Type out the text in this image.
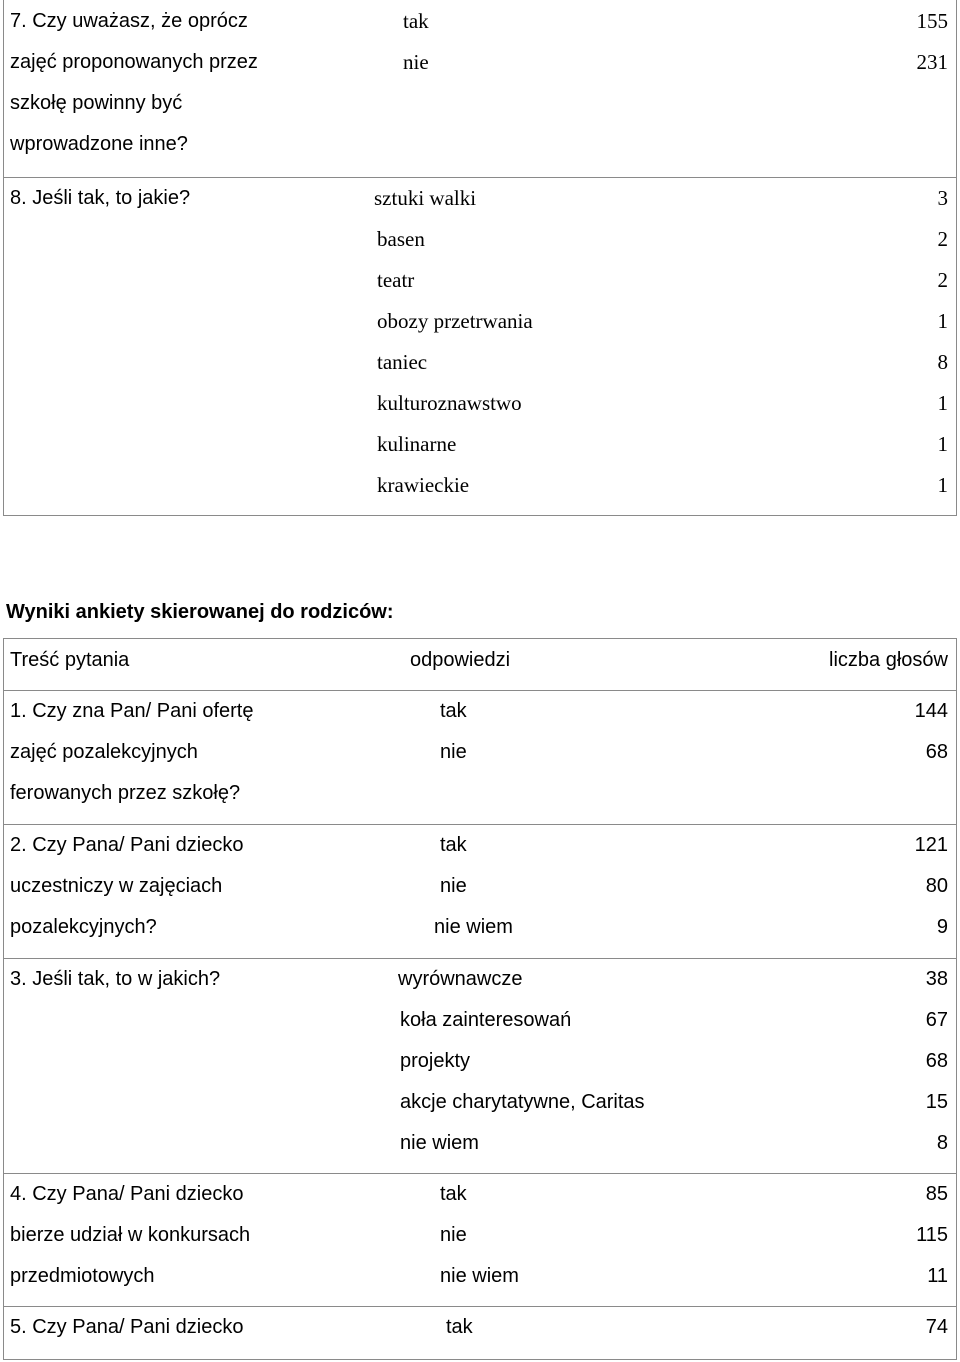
7. Czy uważasz, że oprócz
zajęć proponowanych przez
szkołę powinny być
wprowadzone inne?
tak	155
nie	231
8. Jeśli tak, to jakie?	sztuki walki	3
basen	2
teatr	2
obozy przetrwania	1
taniec	8
kulturoznawstwo	1
kulinarne	1
krawieckie	1
Wyniki ankiety skierowanej do rodziców:
Treść pytania	odpowiedzi	liczba głosów
1. Czy zna Pan/ Pani ofertę
zajęć pozalekcyjnych
ferowanych przez szkołę?
tak	144
nie	68
2. Czy Pana/ Pani dziecko
uczestniczy w zajęciach
pozalekcyjnych?
tak	121
nie	80
nie wiem	9
3. Jeśli tak, to w jakich?	wyrównawcze	38
koła zainteresowań	67
projekty	68
akcje charytatywne, Caritas	15
nie wiem	8
4. Czy Pana/ Pani dziecko
bierze udział w konkursach
przedmiotowych
tak	85
nie	115
nie wiem	11
5. Czy Pana/ Pani dziecko	tak	74
